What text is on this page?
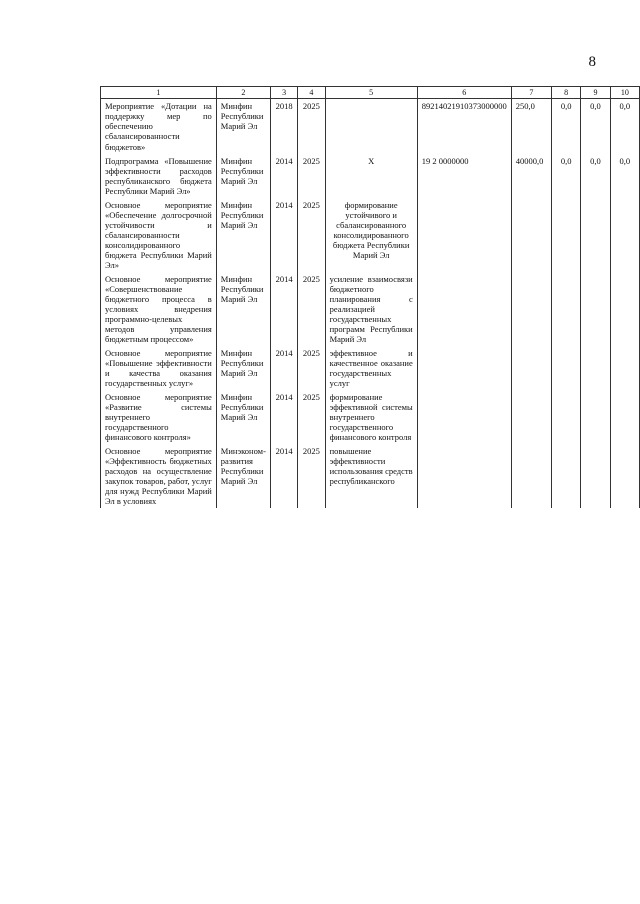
8
1	2	3	4	5	6	7	8	9	10
Мероприятие «Дотации на поддержку мер по обеспечению сбалансированности бюджетов»	Минфин Республики Марий Эл	2018	2025		89214021910373000000	250,0	0,0	0,0	0,0
Подпрограмма «Повышение эффективности расходов республиканского бюджета Республики Марий Эл»	Минфин Республики Марий Эл	2014	2025	Х	19 2 0000000	40000,0	0,0	0,0	0,0
Основное мероприятие «Обеспечение долгосрочной устойчивости и сбалансированности консолидированного бюджета Республики Марий Эл»	Минфин Республики Марий Эл	2014	2025	формирование устойчивого и сбалансированного консолидированного бюджета Республики Марий Эл					
Основное мероприятие «Совершенствование бюджетного процесса в условиях внедрения программно-целевых методов управления бюджетным процессом»	Минфин Республики Марий Эл	2014	2025	усиление взаимосвязи бюджетного планирования с реализацией государственных программ Республики Марий Эл					
Основное мероприятие «Повышение эффективности и качества оказания государственных услуг»	Минфин Республики Марий Эл	2014	2025	эффективное и качественное оказание государственных услуг					
Основное мероприятие «Развитие системы внутреннего государственного финансового контроля»	Минфин Республики Марий Эл	2014	2025	формирование эффективной системы внутреннего государственного финансового контроля					
Основное мероприятие «Эффективность бюджетных расходов на осуществление закупок товаров, работ, услуг для нужд Республики Марий Эл в условиях	Минэконом-развития Республики Марий Эл	2014	2025	повышение эффективности использования средств республиканского					
